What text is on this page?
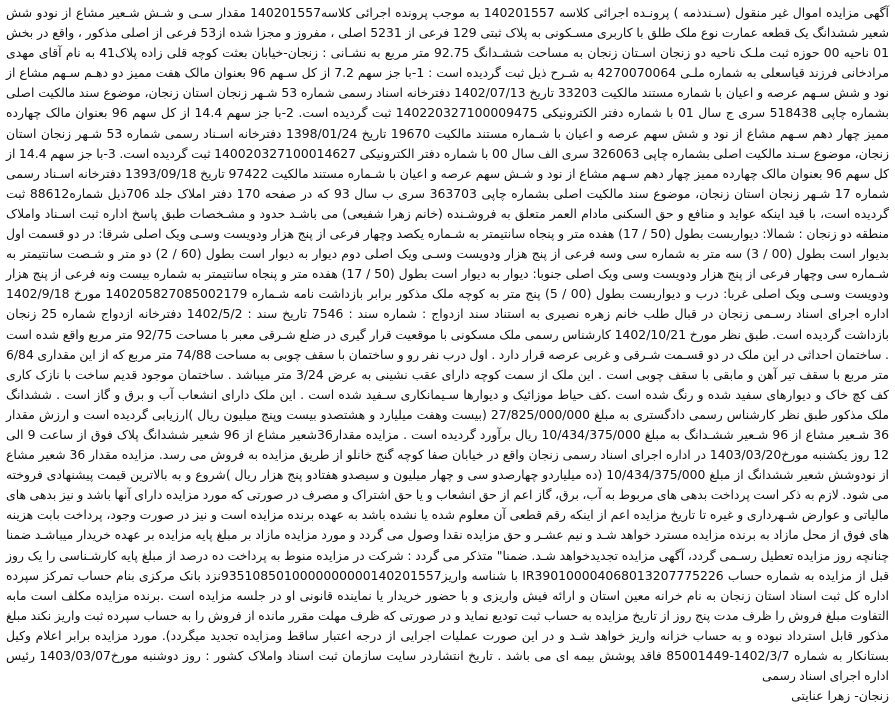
آگهی مزایده اموال غیر منقول (سـندذمه ) پرونـده اجرائی کلاسه 140201557 به موجب پرونده اجرائی کلاسه140201557 مقدار سـی و شـش شـعیر مشاع از نودو شش شعیر ششدانگ یک قطعه عمارت نوع ملک طلق با کاربری مسـکونی به پلاک ثبتی 129 فرعی از 5231 اصلی ، مفروز و مجزا شده از53 فرعی از اصلی مذکور ، واقع در بخش 01 ناحیه 00 حوزه ثبت ملـک ناحیه دو زنجان اسـتان زنجان به مساحت ششـدانگ 92.75 متر مربع به نشـانی : زنجان-خیابان بعثت کوچه قلی زاده پلاک41 به نام آقای مهدی مرادخانی فرزند قیاسعلی به شماره ملـی 4270070064 به شـرح ذیل ثبت گردیده است : 1-با جز سهم 7.2 از کل سـهم 96 بعنوان مالک هفت ممیز دو دهـم سـهم مشاع از نود و شش سـهم عرصه و اعیان با شماره مستند مالکیت 33203 تاریخ 1402/07/13 دفترخانه اسناد رسمی شماره 53 شـهر زنجان استان زنجان، موضوع سند مالکیت اصلی بشماره چاپی 518438 سری ج سال 01 با شماره دفتر الکترونیکی 140220327100009475 ثبت گردیده است. 2-با جز سهم 14.4 از کل سهم 96 بعنوان مالک چهارده ممیز چهار دهم سـهم مشاع از نود و شش سهم عرصه و اعیان با شـماره مستند مالکیت 19670 تاریخ 1398/01/24 دفترخانه اسـناد رسمی شماره 53 شـهر زنجان استان زنجان، موضوع سـند مالکیت اصلی بشماره چاپی 326063 سری الف سال 00 با شماره دفتر الکترونیکی 140020327100014627 ثبت گردیده است. 3-با جز سهم 14.4 از کل سهم 96 بعنوان مالک چهارده ممیز چهار دهم سـهم مشاع از نود و شـش سهم عرصه و اعیان با شـماره مستند مالکیت 97422 تاریخ 1393/09/18 دفترخانه اسـناد رسمی شماره 17 شـهر زنجان استان زنجان، موضوع سند مالکیت اصلی بشماره چاپی 363703 سری ب سال 93 که در صفحه 170 دفتر املاک جلد 706ذیل شماره88612 ثبت گردیده است، با قید اینکه عواید و منافع و حق السکنی مادام العمر متعلق به فروشـنده (خانم زهرا شفیعی) می باشـد حدود و مشـخصات طبق پاسخ اداره ثبت اسـناد واملاک منطقه دو زنجان : شمالا: دیواربست بطول (50 / 17) هفده متر و پنجاه سانتیمتر به شـماره یکصد وچهار فرعی از پنج هزار ودویست وسـی ویک اصلی شرقا: در دو قسمت اول بدیوار است بطول (00 / 3) سه متر به شماره سی وسه فرعی از پنج هزار ودویست وسـی ویک اصلی دوم دیوار به دیوار است بطول (60 / 2) دو متر و شـصت سانتیمتر به شـماره سی وچهار فرعی از پنج هزار ودویست وسی ویک اصلی جنوبا: دیوار به دیوار است بطول (50 / 17) هفده متر و پنجاه سانتیمتر به شماره بیست ونه فرعی از پنج هزار ودویست وسـی ویک اصلی غربا: درب و دیواربست بطول (00 / 5) پنج متر به کوچه ملک مذکور برابر بازداشت نامه شـماره 140205827085002179 مورخ 1402/9/18 اداره اجرای اسناد رسـمی زنجان در قبال طلب خانم زهره نصیری به استناد سند ازدواج : شماره سند : 7546 تاریخ سند : 1402/5/2 دفترخانه ازدواج شماره 25 زنجان بازداشت گردیده است. طبق نظر مورخ 1402/10/21 کارشناس رسمی ملک مسکونی با موقعیت قرار گیری در ضلع شـرقی معبر با مساحت 92/75 متر مربع واقع شده است . ساختمان احداثی در این ملک در دو قسـمت شـرقی و غربی عرصه قرار دارد . اول درب نفر رو و ساختمان با سقف چوبی به مساحت 74/88 متر مربع که از این مقداری 6/84 متر مربع با سقف تیر آهن و مابقی با سقف چوبی است . این ملک از سمت کوچه دارای عقب نشینی به عرض 3/24 متر میباشد . ساختمان موجود قدیم ساخت با نازک کاری کف کچ خاک و دیوارهای سفید شده و رنگ شده است .کف حیاط موزائیک و دیوارها سـیمانکاری سـفید شده است . این ملک دارای انشعاب آب و برق و گاز است . ششدانگ ملک مذکور طبق نظر کارشناس رسمی دادگستری به مبلغ 27/825/000/000 (بیست وهفت میلیارد و هشتصدو بیست وپنج میلیون ریال )ارزیابی گردیده است و ارزش مقدار 36 شـعیر مشاع از 96 شـعیر ششـدانگ به مبلغ 10/434/375/000 ریال برآورد گردیده است . مزایده مقدار36شعیر مشاع از 96 شعیر ششدانگ پلاک فوق از ساعت 9 الی 12 روز یکشنبه مورخ1403/03/20 در اداره اجرای اسناد رسمی زنجان واقع در خیابان صفا کوچه گنج خانلو از طریق مزایده به فروش می رسد. مزایده مقدار 36 شعیر مشاع از نودوشش شعیر ششدانگ از مبلغ 10/434/375/000 (ده میلیاردو چهارصدو سی و چهار میلیون و سیصدو هفتادو پنج هزار ریال )شروع و به بالاترین قیمت پیشنهادی فروخته می شود. لازم به ذکر است پرداخت بدهی های مربوط به آب، برق، گاز اعم از حق انشعاب و یا حق اشتراک و مصرف در صورتی که مورد مزایده دارای آنها باشد و نیز بدهی های مالیاتی و عوارض شـهرداری و غیره تا تاریخ مزایده اعم از اینکه رقم قطعی آن معلوم شده یا نشده باشد به عهده برنده مزایده است و نیز در صورت وجود، پرداخت بابت هزینه های فوق از محل مازاد به برنده مزایده مسترد خواهد شـد و نیم عشـر و حق مزایده نقدا وصول می گردد و مورد مزایده مازاد بر مبلغ پایه مزایده بر عهده خریدار میباشـد ضمنا چنانچه روز مزایده تعطیل رسـمی گردد، آگهی مزایده تجدیدخواهد شـد. ضمنا" متذکر می گردد : شرکت در مزایده منوط به پرداخت ده درصد از مبلغ پایه کارشـناسی را یک روز قبل از مزایده به شماره حساب IR390100004068013207775226 با شناسه واریز9351085010000000000140201557نزد بانک مرکزی بنام حساب تمرکز سپرده اداره کل ثبت اسناد استان زنجان به نام خرانه معین استان و ارائه فیش واریزی و با حضور خریدار یا نماینده قانونی او در جلسه مزایده است .برنده مزایده مکلف است مابه التفاوت مبلغ فروش را ظرف مدت پنج روز از تاریخ مزایده به حساب ثبت تودیع نماید و در صورتی که ظرف مهلت مقرر مانده از فروش را به حساب سپرده ثبت واریز نکند مبلغ مذکور قابل استرداد نبوده و به حساب خزانه واریز خواهد شـد و در این صورت عملیات اجرایی از درجه اعتبار ساقط ومزایده تجدید میگردد). مورد مزایده برابر اعلام وکیل بستانکار به شماره 1402/3/7-85001449 فاقد پوشش بیمه ای می باشد . تاریخ انتشاردر سایت سازمان ثبت اسناد واملاک کشور : روز دوشنبه مورخ1403/03/07 رئیس اداره اجرای اسناد رسمی

زنجان- زهرا عنایتی
